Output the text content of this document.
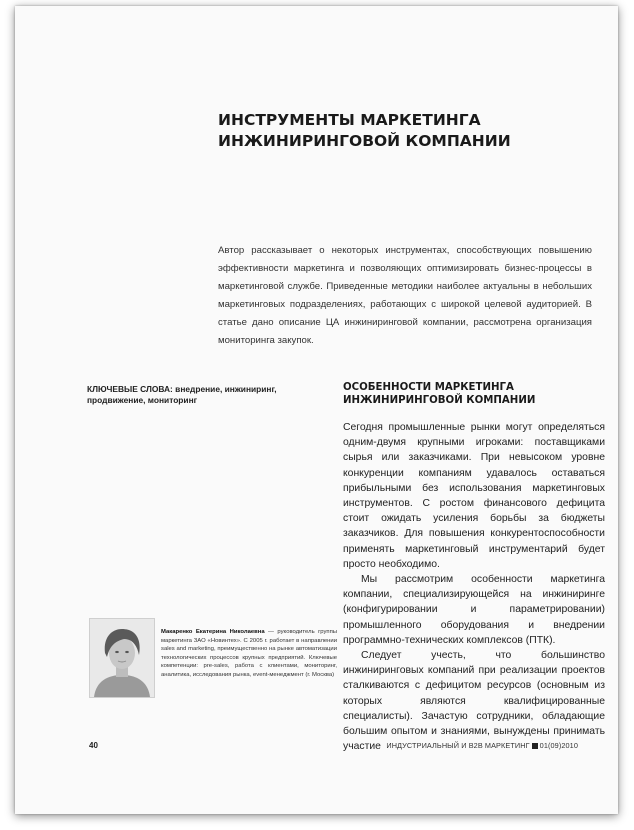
ИНСТРУМЕНТЫ МАРКЕТИНГА
ИНЖИНИРИНГОВОЙ КОМПАНИИ

Автор рассказывает о некоторых инструментах, способствующих повышению эффективности маркетинга и позволяющих оптимизировать бизнес-процессы в маркетинговой службе. Приведенные методики наиболее актуальны в небольших маркетинговых подразделениях, работающих с широкой целевой аудиторией. В статье дано описание ЦА инжиниринговой компании, рассмотрена организация мониторинга закупок.

КЛЮЧЕВЫЕ СЛОВА: внедрение, инжиниринг, продвижение, мониторинг
ОСОБЕННОСТИ МАРКЕТИНГА
ИНЖИНИРИНГОВОЙ КОМПАНИИ

Сегодня промышленные рынки могут определяться одним-двумя крупными игроками: поставщиками сырья или заказчиками. При невысоком уровне конкуренции компаниям удавалось оставаться прибыльными без использования маркетинговых инструментов. С ростом финансового дефицита стоит ожидать усиления борьбы за бюджеты заказчиков. Для повышения конкурентоспособности применять маркетинговый инструментарий будет просто необходимо.

Мы рассмотрим особенности маркетинга компании, специализирующейся на инжиниринге (конфигурировании и параметрировании) промышленного оборудования и внедрении программно-технических комплексов (ПТК).

Следует учесть, что большинство инжиниринговых компаний при реализации проектов сталкиваются с дефицитом ресурсов (основным из которых являются квалифицированные специалисты). Зачастую сотрудники, обладающие большим опытом и знаниями, вынуждены принимать участие

Макаренко Екатерина Николаевна — руководитель группы маркетинга ЗАО «Новинтех». С 2005 г. работает в направлении sales and marketing, преимущественно на рынке автоматизации технологических процессов крупных предприятий. Ключевые компетенции: pre-sales, работа с клиентами, мониторинг, аналитика, исследования рынка, event-менеджмент (г. Москва)
40	ИНДУСТРИАЛЬНЫЙ И B2B МАРКЕТИНГ 01(09)2010
